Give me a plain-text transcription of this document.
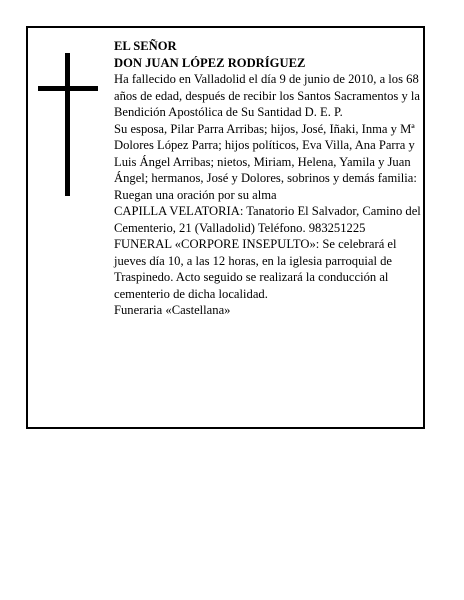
EL SEÑOR

DON JUAN LÓPEZ RODRÍGUEZ

Ha fallecido en Valladolid el día 9 de junio de 2010, a los 68 años de edad, después de recibir los Santos Sacramentos y la Bendición Apostólica de Su Santidad D. E. P.

Su esposa, Pilar Parra Arribas; hijos, José, Iñaki, Inma y Mª Dolores López Parra; hijos políticos, Eva Villa, Ana Parra y Luis Ángel Arribas; nietos, Miriam, Helena, Yamila y Juan Ángel; hermanos, José y Dolores, sobrinos y demás familia:

Ruegan una oración por su alma

CAPILLA VELATORIA: Tanatorio El Salvador, Camino del Cementerio, 21 (Valladolid) Teléfono. 983251225

FUNERAL «CORPORE INSEPULTO»: Se celebrará el jueves día 10, a las 12 horas, en la iglesia parroquial de Traspinedo. Acto seguido se realizará la conducción al cementerio de dicha localidad.

Funeraria «Castellana»
